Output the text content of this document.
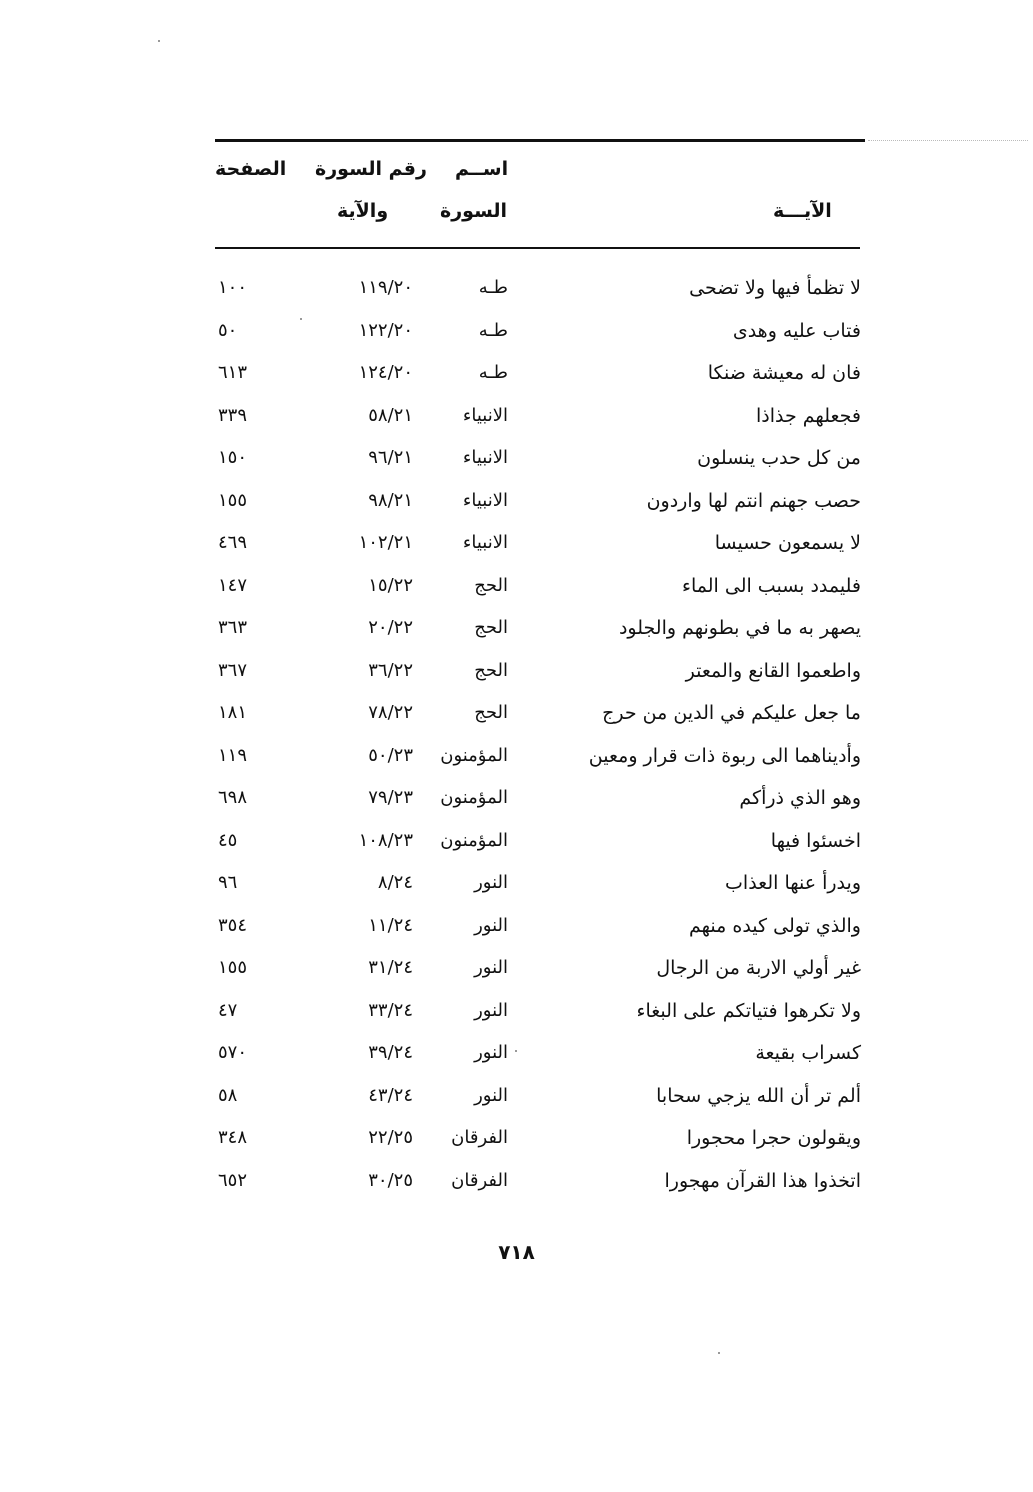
الصفحة رقم السورة
والآية
اســم
السورة	الآيـــة
لا تظمأ فيها ولا تضحى
طـه
١١٩/٢٠
١٠٠
فتاب عليه وهدى
طـه
١٢٢/٢٠
٥٠
فان له معيشة ضنكا
طـه
١٢٤/٢٠
٦١٣
فجعلهم جذاذا
الانبياء
٥٨/٢١
٣٣٩
من كل حدب ينسلون
الانبياء
٩٦/٢١
١٥٠
حصب جهنم انتم لها واردون
الانبياء
٩٨/٢١
١٥٥
لا يسمعون حسيسا
الانبياء
١٠٢/٢١
٤٦٩
فليمدد بسبب الى الماء
الحج
١٥/٢٢
١٤٧
يصهر به ما في بطونهم والجلود
الحج
٢٠/٢٢
٣٦٣
واطعموا القانع والمعتر
الحج
٣٦/٢٢
٣٦٧
ما جعل عليكم في الدين من حرج
الحج
٧٨/٢٢
١٨١
وأديناهما الى ربوة ذات قرار ومعين
المؤمنون
٥٠/٢٣
١١٩
وهو الذي ذرأكم
المؤمنون
٧٩/٢٣
٦٩٨
اخسئوا فيها
المؤمنون
١٠٨/٢٣
٤٥
ويدرأ عنها العذاب
النور
٨/٢٤
٩٦
والذي تولى كيده منهم
النور
١١/٢٤
٣٥٤
غير أولي الاربة من الرجال
النور
٣١/٢٤
١٥٥
ولا تكرهوا فتياتكم على البغاء
النور
٣٣/٢٤
٤٧
كسراب بقيعة
النور
٣٩/٢٤
٥٧٠
ألم تر أن الله يزجي سحابا
النور
٤٣/٢٤
٥٨
ويقولون حجرا محجورا
الفرقان
٢٢/٢٥
٣٤٨
اتخذوا هذا القرآن مهجورا
الفرقان
٣٠/٢٥
٦٥٢
٧١٨
